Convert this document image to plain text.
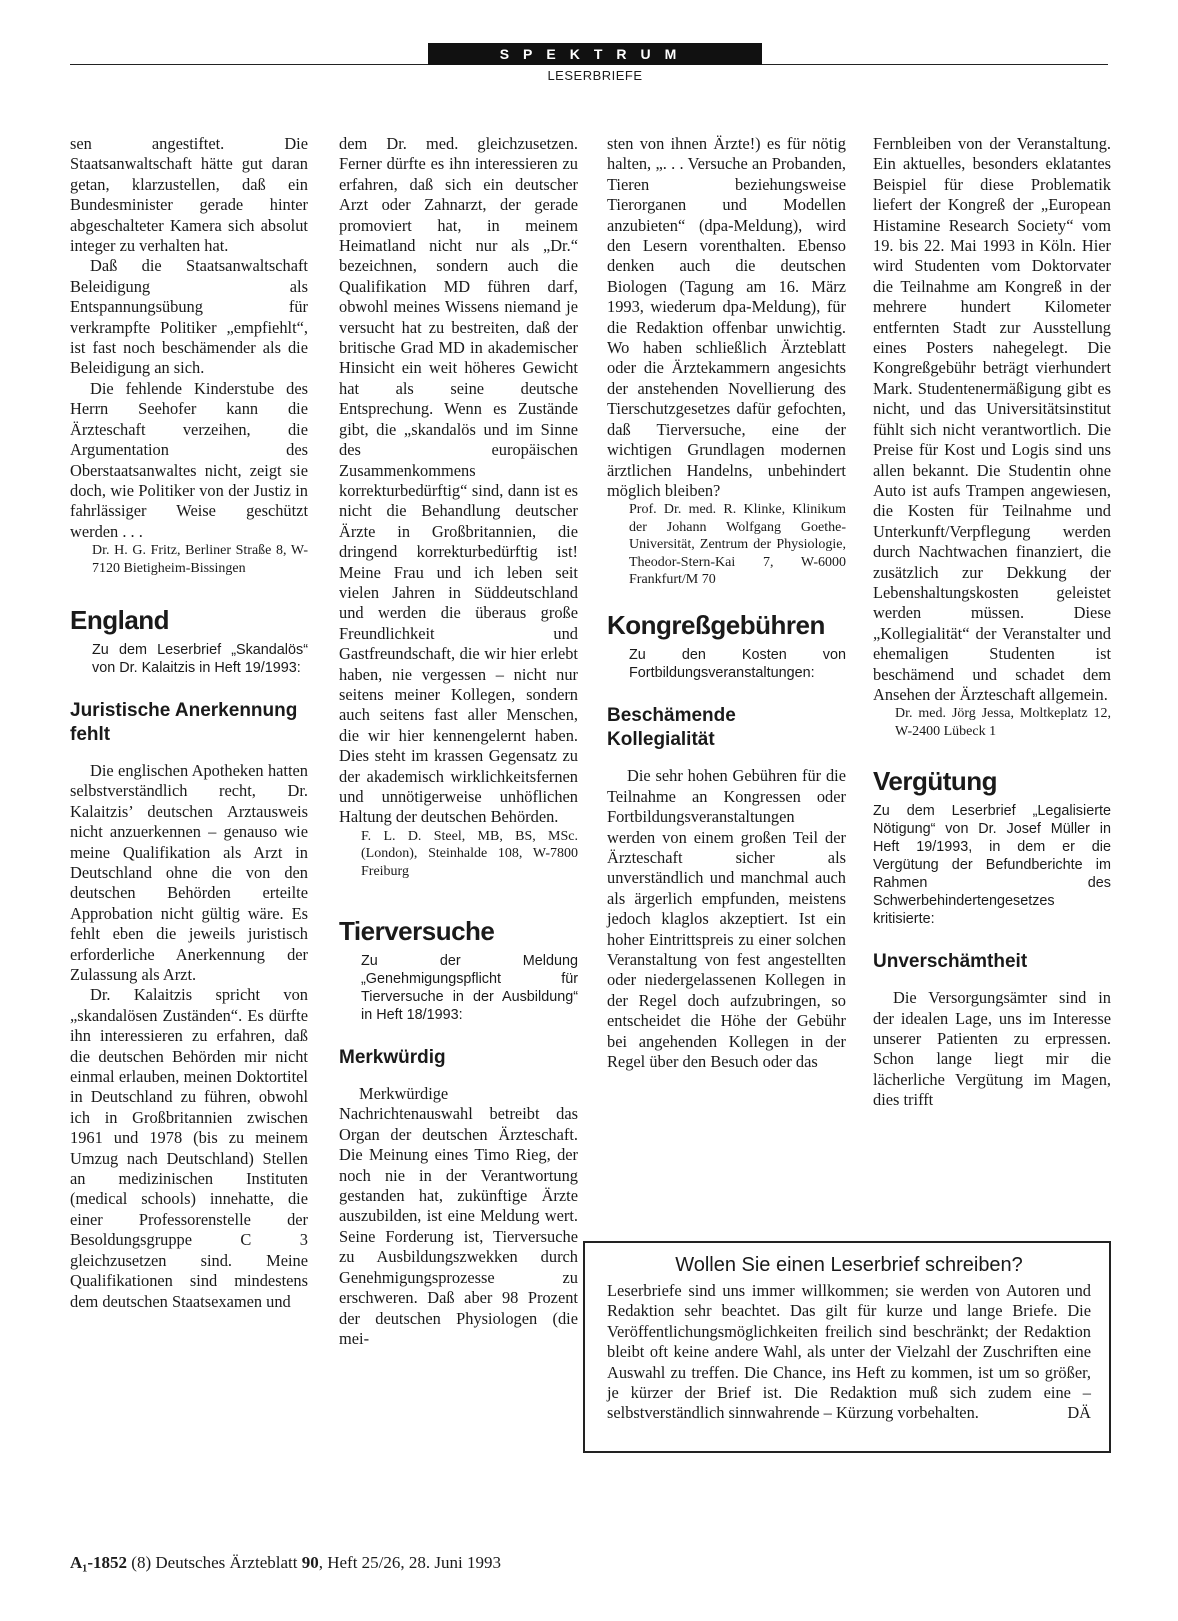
SPEKTRUM
LESERBRIEFE

sen angestiftet. Die Staatsanwaltschaft hätte gut daran getan, klarzustellen, daß ein Bundesminister gerade hinter abgeschalteter Kamera sich absolut integer zu verhalten hat.

Daß die Staatsanwaltschaft Beleidigung als Entspannungsübung für verkrampfte Politiker „empfiehlt“, ist fast noch beschämender als die Beleidigung an sich.

Die fehlende Kinderstube des Herrn Seehofer kann die Ärzteschaft verzeihen, die Argumentation des Oberstaatsanwaltes nicht, zeigt sie doch, wie Politiker von der Justiz in fahrlässiger Weise geschützt werden . . .

Dr. H. G. Fritz, Berliner Straße 8, W-7120 Bietigheim-Bissingen

England

Zu dem Leserbrief „Skandalös“ von Dr. Kalaitzis in Heft 19/1993:

Juristische Anerkennung fehlt

Die englischen Apotheken hatten selbstverständlich recht, Dr. Kalaitzis’ deutschen Arztausweis nicht anzuerkennen – genauso wie meine Qualifikation als Arzt in Deutschland ohne die von den deutschen Behörden erteilte Approbation nicht gültig wäre. Es fehlt eben die jeweils juristisch erforderliche Anerkennung der Zulassung als Arzt.

Dr. Kalaitzis spricht von „skandalösen Zuständen“. Es dürfte ihn interessieren zu erfahren, daß die deutschen Behörden mir nicht einmal erlauben, meinen Doktortitel in Deutschland zu führen, obwohl ich in Großbritannien zwischen 1961 und 1978 (bis zu meinem Umzug nach Deutschland) Stellen an medizinischen Instituten (medical schools) innehatte, die einer Professorenstelle der Besoldungsgruppe C 3 gleichzusetzen sind. Meine Qualifikationen sind mindestens dem deutschen Staatsexamen und

dem Dr. med. gleichzusetzen. Ferner dürfte es ihn interessieren zu erfahren, daß sich ein deutscher Arzt oder Zahnarzt, der gerade promoviert hat, in meinem Heimatland nicht nur als „Dr.“ bezeichnen, sondern auch die Qualifikation MD führen darf, obwohl meines Wissens niemand je versucht hat zu bestreiten, daß der britische Grad MD in akademischer Hinsicht ein weit höheres Gewicht hat als seine deutsche Entsprechung. Wenn es Zustände gibt, die „skandalös und im Sinne des europäischen Zusammenkommens korrekturbedürftig“ sind, dann ist es nicht die Behandlung deutscher Ärzte in Großbritannien, die dringend korrekturbedürftig ist! Meine Frau und ich leben seit vielen Jahren in Süddeutschland und werden die überaus große Freundlichkeit und Gastfreundschaft, die wir hier erlebt haben, nie vergessen – nicht nur seitens meiner Kollegen, sondern auch seitens fast aller Menschen, die wir hier kennengelernt haben. Dies steht im krassen Gegensatz zu der akademisch wirklichkeitsfernen und unnötigerweise unhöflichen Haltung der deutschen Behörden.

F. L. D. Steel, MB, BS, MSc. (London), Steinhalde 108, W-7800 Freiburg

Tierversuche

Zu der Meldung „Genehmigungspflicht für Tierversuche in der Ausbildung“ in Heft 18/1993:

Merkwürdig

Merkwürdige Nachrichtenauswahl betreibt das Organ der deutschen Ärzteschaft. Die Meinung eines Timo Rieg, der noch nie in der Verantwortung gestanden hat, zukünftige Ärzte auszubilden, ist eine Meldung wert. Seine Forderung ist, Tierversuche zu Ausbildungszwekken durch Genehmigungsprozesse zu erschweren. Daß aber 98 Prozent der deutschen Physiologen (die mei-

sten von ihnen Ärzte!) es für nötig halten, „. . . Versuche an Probanden, Tieren beziehungsweise Tierorganen und Modellen anzubieten“ (dpa-Meldung), wird den Lesern vorenthalten. Ebenso denken auch die deutschen Biologen (Tagung am 16. März 1993, wiederum dpa-Meldung), für die Redaktion offenbar unwichtig. Wo haben schließlich Ärzteblatt oder die Ärztekammern angesichts der anstehenden Novellierung des Tierschutzgesetzes dafür gefochten, daß Tierversuche, eine der wichtigen Grundlagen modernen ärztlichen Handelns, unbehindert möglich bleiben?

Prof. Dr. med. R. Klinke, Klinikum der Johann Wolfgang Goethe-Universität, Zentrum der Physiologie, Theodor-Stern-Kai 7, W-6000 Frankfurt/M 70

Kongreßgebühren

Zu den Kosten von Fortbildungsveranstaltungen:

Beschämende Kollegialität

Die sehr hohen Gebühren für die Teilnahme an Kongressen oder Fortbildungsveranstaltungen werden von einem großen Teil der Ärzteschaft sicher als unverständlich und manchmal auch als ärgerlich empfunden, meistens jedoch klaglos akzeptiert. Ist ein hoher Eintrittspreis zu einer solchen Veranstaltung von fest angestellten oder niedergelassenen Kollegen in der Regel doch aufzubringen, so entscheidet die Höhe der Gebühr bei angehenden Kollegen in der Regel über den Besuch oder das

Fernbleiben von der Veranstaltung. Ein aktuelles, besonders eklatantes Beispiel für diese Problematik liefert der Kongreß der „European Histamine Research Society“ vom 19. bis 22. Mai 1993 in Köln. Hier wird Studenten vom Doktorvater die Teilnahme am Kongreß in der mehrere hundert Kilometer entfernten Stadt zur Ausstellung eines Posters nahegelegt. Die Kongreßgebühr beträgt vierhundert Mark. Studentenermäßigung gibt es nicht, und das Universitätsinstitut fühlt sich nicht verantwortlich. Die Preise für Kost und Logis sind uns allen bekannt. Die Studentin ohne Auto ist aufs Trampen angewiesen, die Kosten für Teilnahme und Unterkunft/Verpflegung werden durch Nachtwachen finanziert, die zusätzlich zur Dekkung der Lebenshaltungskosten geleistet werden müssen. Diese „Kollegialität“ der Veranstalter und ehemaligen Studenten ist beschämend und schadet dem Ansehen der Ärzteschaft allgemein.

Dr. med. Jörg Jessa, Moltkeplatz 12, W-2400 Lübeck 1

Vergütung

Zu dem Leserbrief „Legalisierte Nötigung“ von Dr. Josef Müller in Heft 19/1993, in dem er die Vergütung der Befundberichte im Rahmen des Schwerbehindertengesetzes kritisierte:

Unverschämtheit

Die Versorgungsämter sind in der idealen Lage, uns im Interesse unserer Patienten zu erpressen. Schon lange liegt mir die lächerliche Vergütung im Magen, dies trifft

Wollen Sie einen Leserbrief schreiben?

Leserbriefe sind uns immer willkommen; sie werden von Autoren und Redaktion sehr beachtet. Das gilt für kurze und lange Briefe. Die Veröffentlichungsmöglichkeiten freilich sind beschränkt; der Redaktion bleibt oft keine andere Wahl, als unter der Vielzahl der Zuschriften eine Auswahl zu treffen. Die Chance, ins Heft zu kommen, ist um so größer, je kürzer der Brief ist. Die Redaktion muß sich zudem eine – selbstverständlich sinnwahrende – Kürzung vorbehalten.	DÄ

A₁-1852 (8) Deutsches Ärzteblatt 90, Heft 25/26, 28. Juni 1993
